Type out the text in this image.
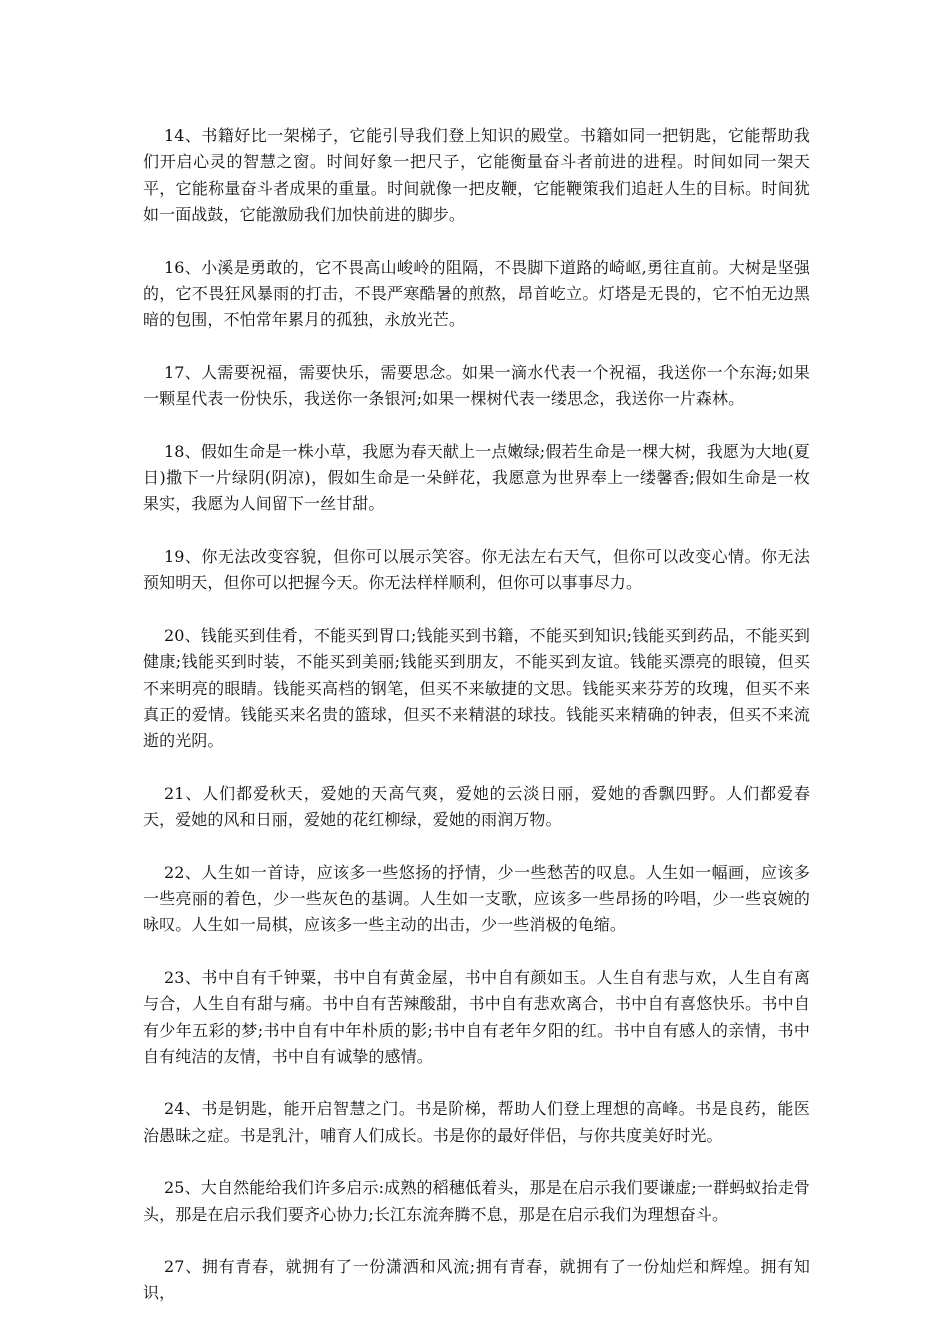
14、书籍好比一架梯子，它能引导我们登上知识的殿堂。书籍如同一把钥匙，它能帮助我们开启心灵的智慧之窗。时间好象一把尺子，它能衡量奋斗者前进的进程。时间如同一架天平，它能称量奋斗者成果的重量。时间就像一把皮鞭，它能鞭策我们追赶人生的目标。时间犹如一面战鼓，它能激励我们加快前进的脚步。

16、小溪是勇敢的，它不畏高山峻岭的阻隔，不畏脚下道路的崎岖,勇往直前。大树是坚强的，它不畏狂风暴雨的打击，不畏严寒酷暑的煎熬，昂首屹立。灯塔是无畏的，它不怕无边黑暗的包围，不怕常年累月的孤独，永放光芒。

17、人需要祝福，需要快乐，需要思念。如果一滴水代表一个祝福，我送你一个东海;如果一颗星代表一份快乐，我送你一条银河;如果一棵树代表一缕思念，我送你一片森林。

18、假如生命是一株小草，我愿为春天献上一点嫩绿;假若生命是一棵大树，我愿为大地(夏日)撒下一片绿阴(阴凉)，假如生命是一朵鲜花，我愿意为世界奉上一缕馨香;假如生命是一枚果实，我愿为人间留下一丝甘甜。

19、你无法改变容貌，但你可以展示笑容。你无法左右天气，但你可以改变心情。你无法预知明天，但你可以把握今天。你无法样样顺利，但你可以事事尽力。

20、钱能买到佳肴，不能买到胃口;钱能买到书籍，不能买到知识;钱能买到药品，不能买到健康;钱能买到时装，不能买到美丽;钱能买到朋友，不能买到友谊。钱能买漂亮的眼镜，但买不来明亮的眼睛。钱能买高档的钢笔，但买不来敏捷的文思。钱能买来芬芳的玫瑰，但买不来真正的爱情。钱能买来名贵的篮球，但买不来精湛的球技。钱能买来精确的钟表，但买不来流逝的光阴。

21、人们都爱秋天，爱她的天高气爽，爱她的云淡日丽，爱她的香飘四野。人们都爱春天，爱她的风和日丽，爱她的花红柳绿，爱她的雨润万物。

22、人生如一首诗，应该多一些悠扬的抒情，少一些愁苦的叹息。人生如一幅画，应该多一些亮丽的着色，少一些灰色的基调。人生如一支歌，应该多一些昂扬的吟唱，少一些哀婉的咏叹。人生如一局棋，应该多一些主动的出击，少一些消极的龟缩。

23、书中自有千钟粟，书中自有黄金屋，书中自有颜如玉。人生自有悲与欢，人生自有离与合，人生自有甜与痛。书中自有苦辣酸甜，书中自有悲欢离合，书中自有喜悠快乐。书中自有少年五彩的梦;书中自有中年朴质的影;书中自有老年夕阳的红。书中自有感人的亲情，书中自有纯洁的友情，书中自有诚挚的感情。

24、书是钥匙，能开启智慧之门。书是阶梯，帮助人们登上理想的高峰。书是良药，能医治愚昧之症。书是乳汁，哺育人们成长。书是你的最好伴侣，与你共度美好时光。

25、大自然能给我们许多启示:成熟的稻穗低着头，那是在启示我们要谦虚;一群蚂蚁抬走骨头，那是在启示我们要齐心协力;长江东流奔腾不息，那是在启示我们为理想奋斗。

27、拥有青春，就拥有了一份潇洒和风流;拥有青春，就拥有了一份灿烂和辉煌。拥有知识，
